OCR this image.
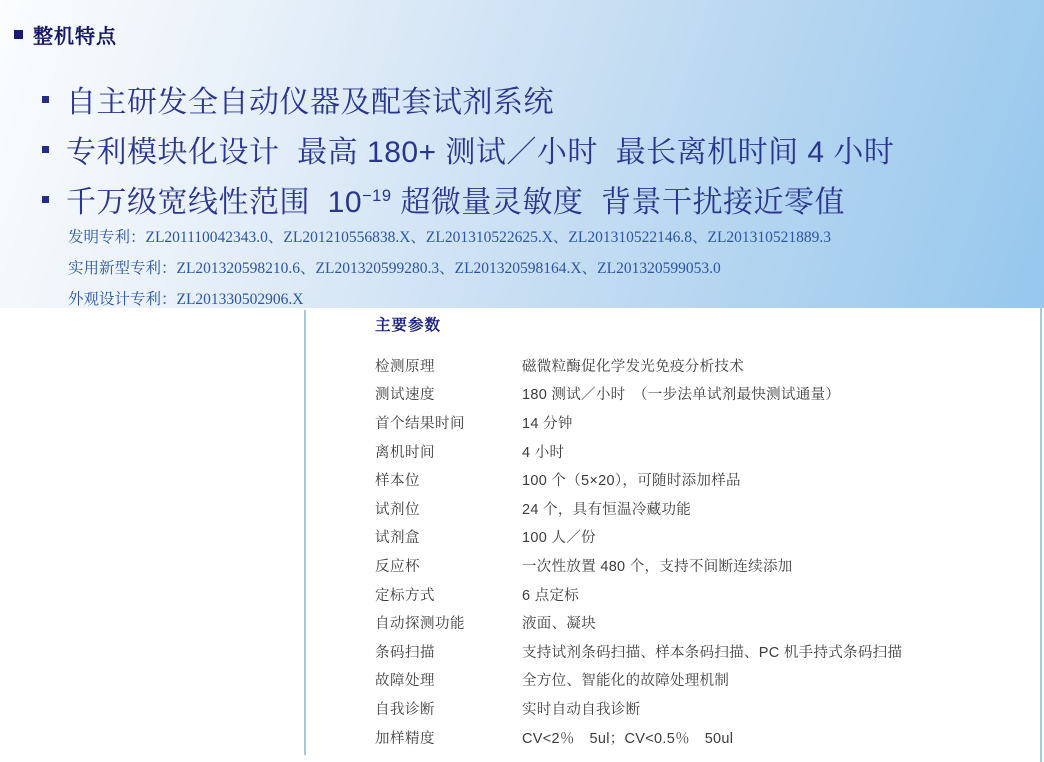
整机特点
自主研发全自动仪器及配套试剂系统
专利模块化设计  最高 180+ 测试／小时  最长离机时间 4 小时
千万级宽线性范围  $10^{-19}$ 超微量灵敏度  背景干扰接近零值
发明专利：ZL201110042343.0、ZL201210556838.X、ZL201310522625.X、ZL201310522146.8、ZL201310521889.3
实用新型专利：ZL201320598210.6、ZL201320599280.3、ZL201320598164.X、ZL201320599053.0
外观设计专利：ZL201330502906.X
主要参数
检测原理	磁微粒酶促化学发光免疫分析技术
测试速度	180 测试／小时　（一步法单试剂最快测试通量）
首个结果时间	14 分钟
离机时间	4 小时
样本位	100 个（5×20），可随时添加样品
试剂位	24 个，具有恒温冷藏功能
试剂盒	100 人／份
反应杯	一次性放置 480 个，支持不间断连续添加
定标方式	6 点定标
自动探测功能	液面、凝块
条码扫描	支持试剂条码扫描、样本条码扫描、PC 机手持式条码扫描
故障处理	全方位、智能化的故障处理机制
自我诊断	实时自动自我诊断
加样精度	CV<2％　5ul；CV<0.5％　50ul
